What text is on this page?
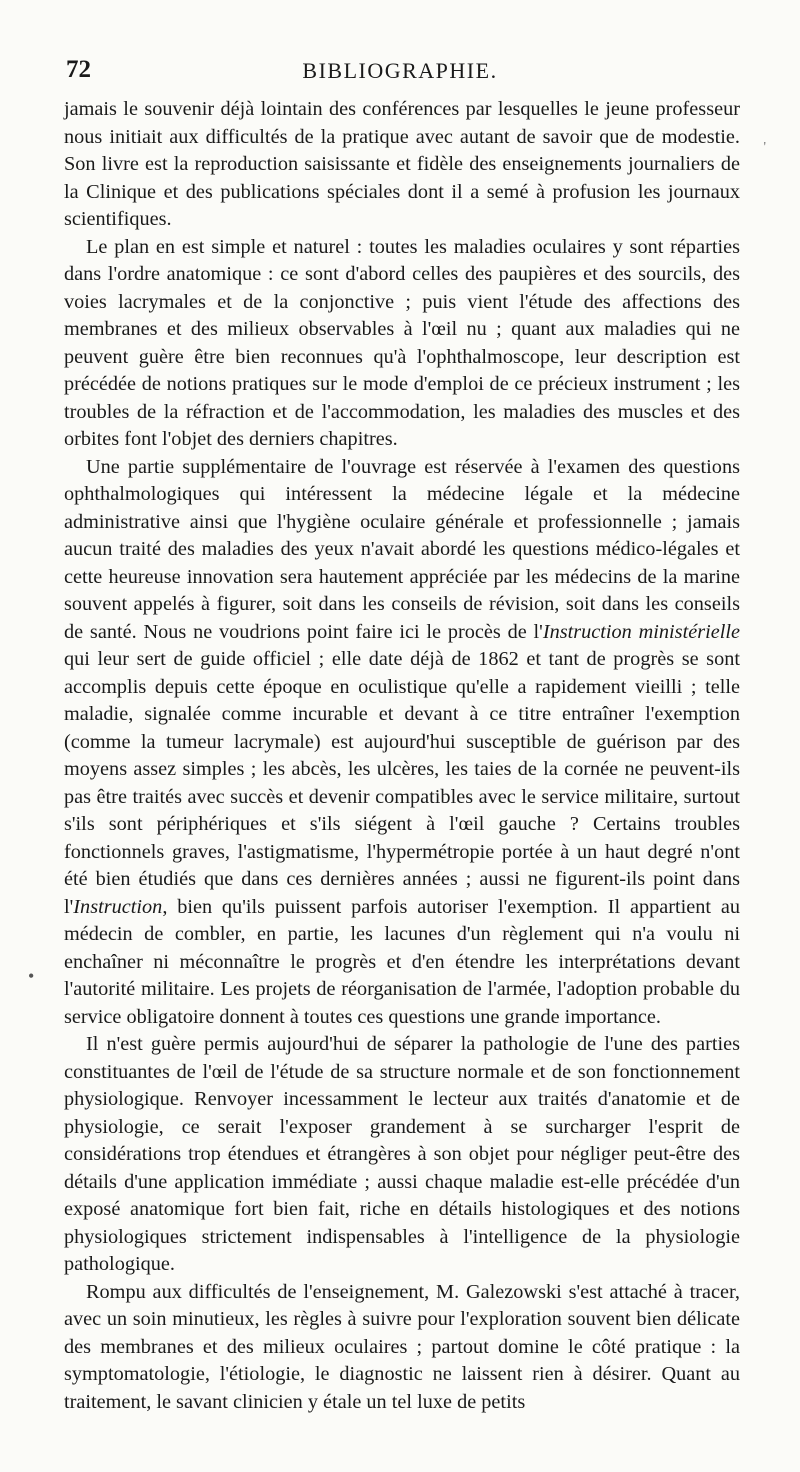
72	BIBLIOGRAPHIE.
'
•

jamais le souvenir déjà lointain des conférences par lesquelles le jeune professeur nous initiait aux difficultés de la pratique avec autant de savoir que de modestie. Son livre est la reproduction saisissante et fidèle des enseignements journaliers de la Clinique et des publications spéciales dont il a semé à profusion les journaux scientifiques.

Le plan en est simple et naturel : toutes les maladies oculaires y sont réparties dans l'ordre anatomique : ce sont d'abord celles des paupières et des sourcils, des voies lacrymales et de la conjonctive ; puis vient l'étude des affections des membranes et des milieux observables à l'œil nu ; quant aux maladies qui ne peuvent guère être bien reconnues qu'à l'ophthalmoscope, leur description est précédée de notions pratiques sur le mode d'emploi de ce précieux instrument ; les troubles de la réfraction et de l'accommodation, les maladies des muscles et des orbites font l'objet des derniers chapitres.

Une partie supplémentaire de l'ouvrage est réservée à l'examen des questions ophthalmologiques qui intéressent la médecine légale et la médecine administrative ainsi que l'hygiène oculaire générale et professionnelle ; jamais aucun traité des maladies des yeux n'avait abordé les questions médico-légales et cette heureuse innovation sera hautement appréciée par les médecins de la marine souvent appelés à figurer, soit dans les conseils de révision, soit dans les conseils de santé. Nous ne voudrions point faire ici le procès de l'Instruction ministérielle qui leur sert de guide officiel ; elle date déjà de 1862 et tant de progrès se sont accomplis depuis cette époque en oculistique qu'elle a rapidement vieilli ; telle maladie, signalée comme incurable et devant à ce titre entraîner l'exemption (comme la tumeur lacrymale) est aujourd'hui susceptible de guérison par des moyens assez simples ; les abcès, les ulcères, les taies de la cornée ne peuvent-ils pas être traités avec succès et devenir compatibles avec le service militaire, surtout s'ils sont périphériques et s'ils siégent à l'œil gauche ? Certains troubles fonctionnels graves, l'astigmatisme, l'hypermétropie portée à un haut degré n'ont été bien étudiés que dans ces dernières années ; aussi ne figurent-ils point dans l'Instruction, bien qu'ils puissent parfois autoriser l'exemption. Il appartient au médecin de combler, en partie, les lacunes d'un règlement qui n'a voulu ni enchaîner ni méconnaître le progrès et d'en étendre les interprétations devant l'autorité militaire. Les projets de réorganisation de l'armée, l'adoption probable du service obligatoire donnent à toutes ces questions une grande importance.

Il n'est guère permis aujourd'hui de séparer la pathologie de l'une des parties constituantes de l'œil de l'étude de sa structure normale et de son fonctionnement physiologique. Renvoyer incessamment le lecteur aux traités d'anatomie et de physiologie, ce serait l'exposer grandement à se surcharger l'esprit de considérations trop étendues et étrangères à son objet pour négliger peut-être des détails d'une application immédiate ; aussi chaque maladie est-elle précédée d'un exposé anatomique fort bien fait, riche en détails histologiques et des notions physiologiques strictement indispensables à l'intelligence de la physiologie pathologique.

Rompu aux difficultés de l'enseignement, M. Galezowski s'est attaché à tracer, avec un soin minutieux, les règles à suivre pour l'exploration souvent bien délicate des membranes et des milieux oculaires ; partout domine le côté pratique : la symptomatologie, l'étiologie, le diagnostic ne laissent rien à désirer. Quant au traitement, le savant clinicien y étale un tel luxe de petits
